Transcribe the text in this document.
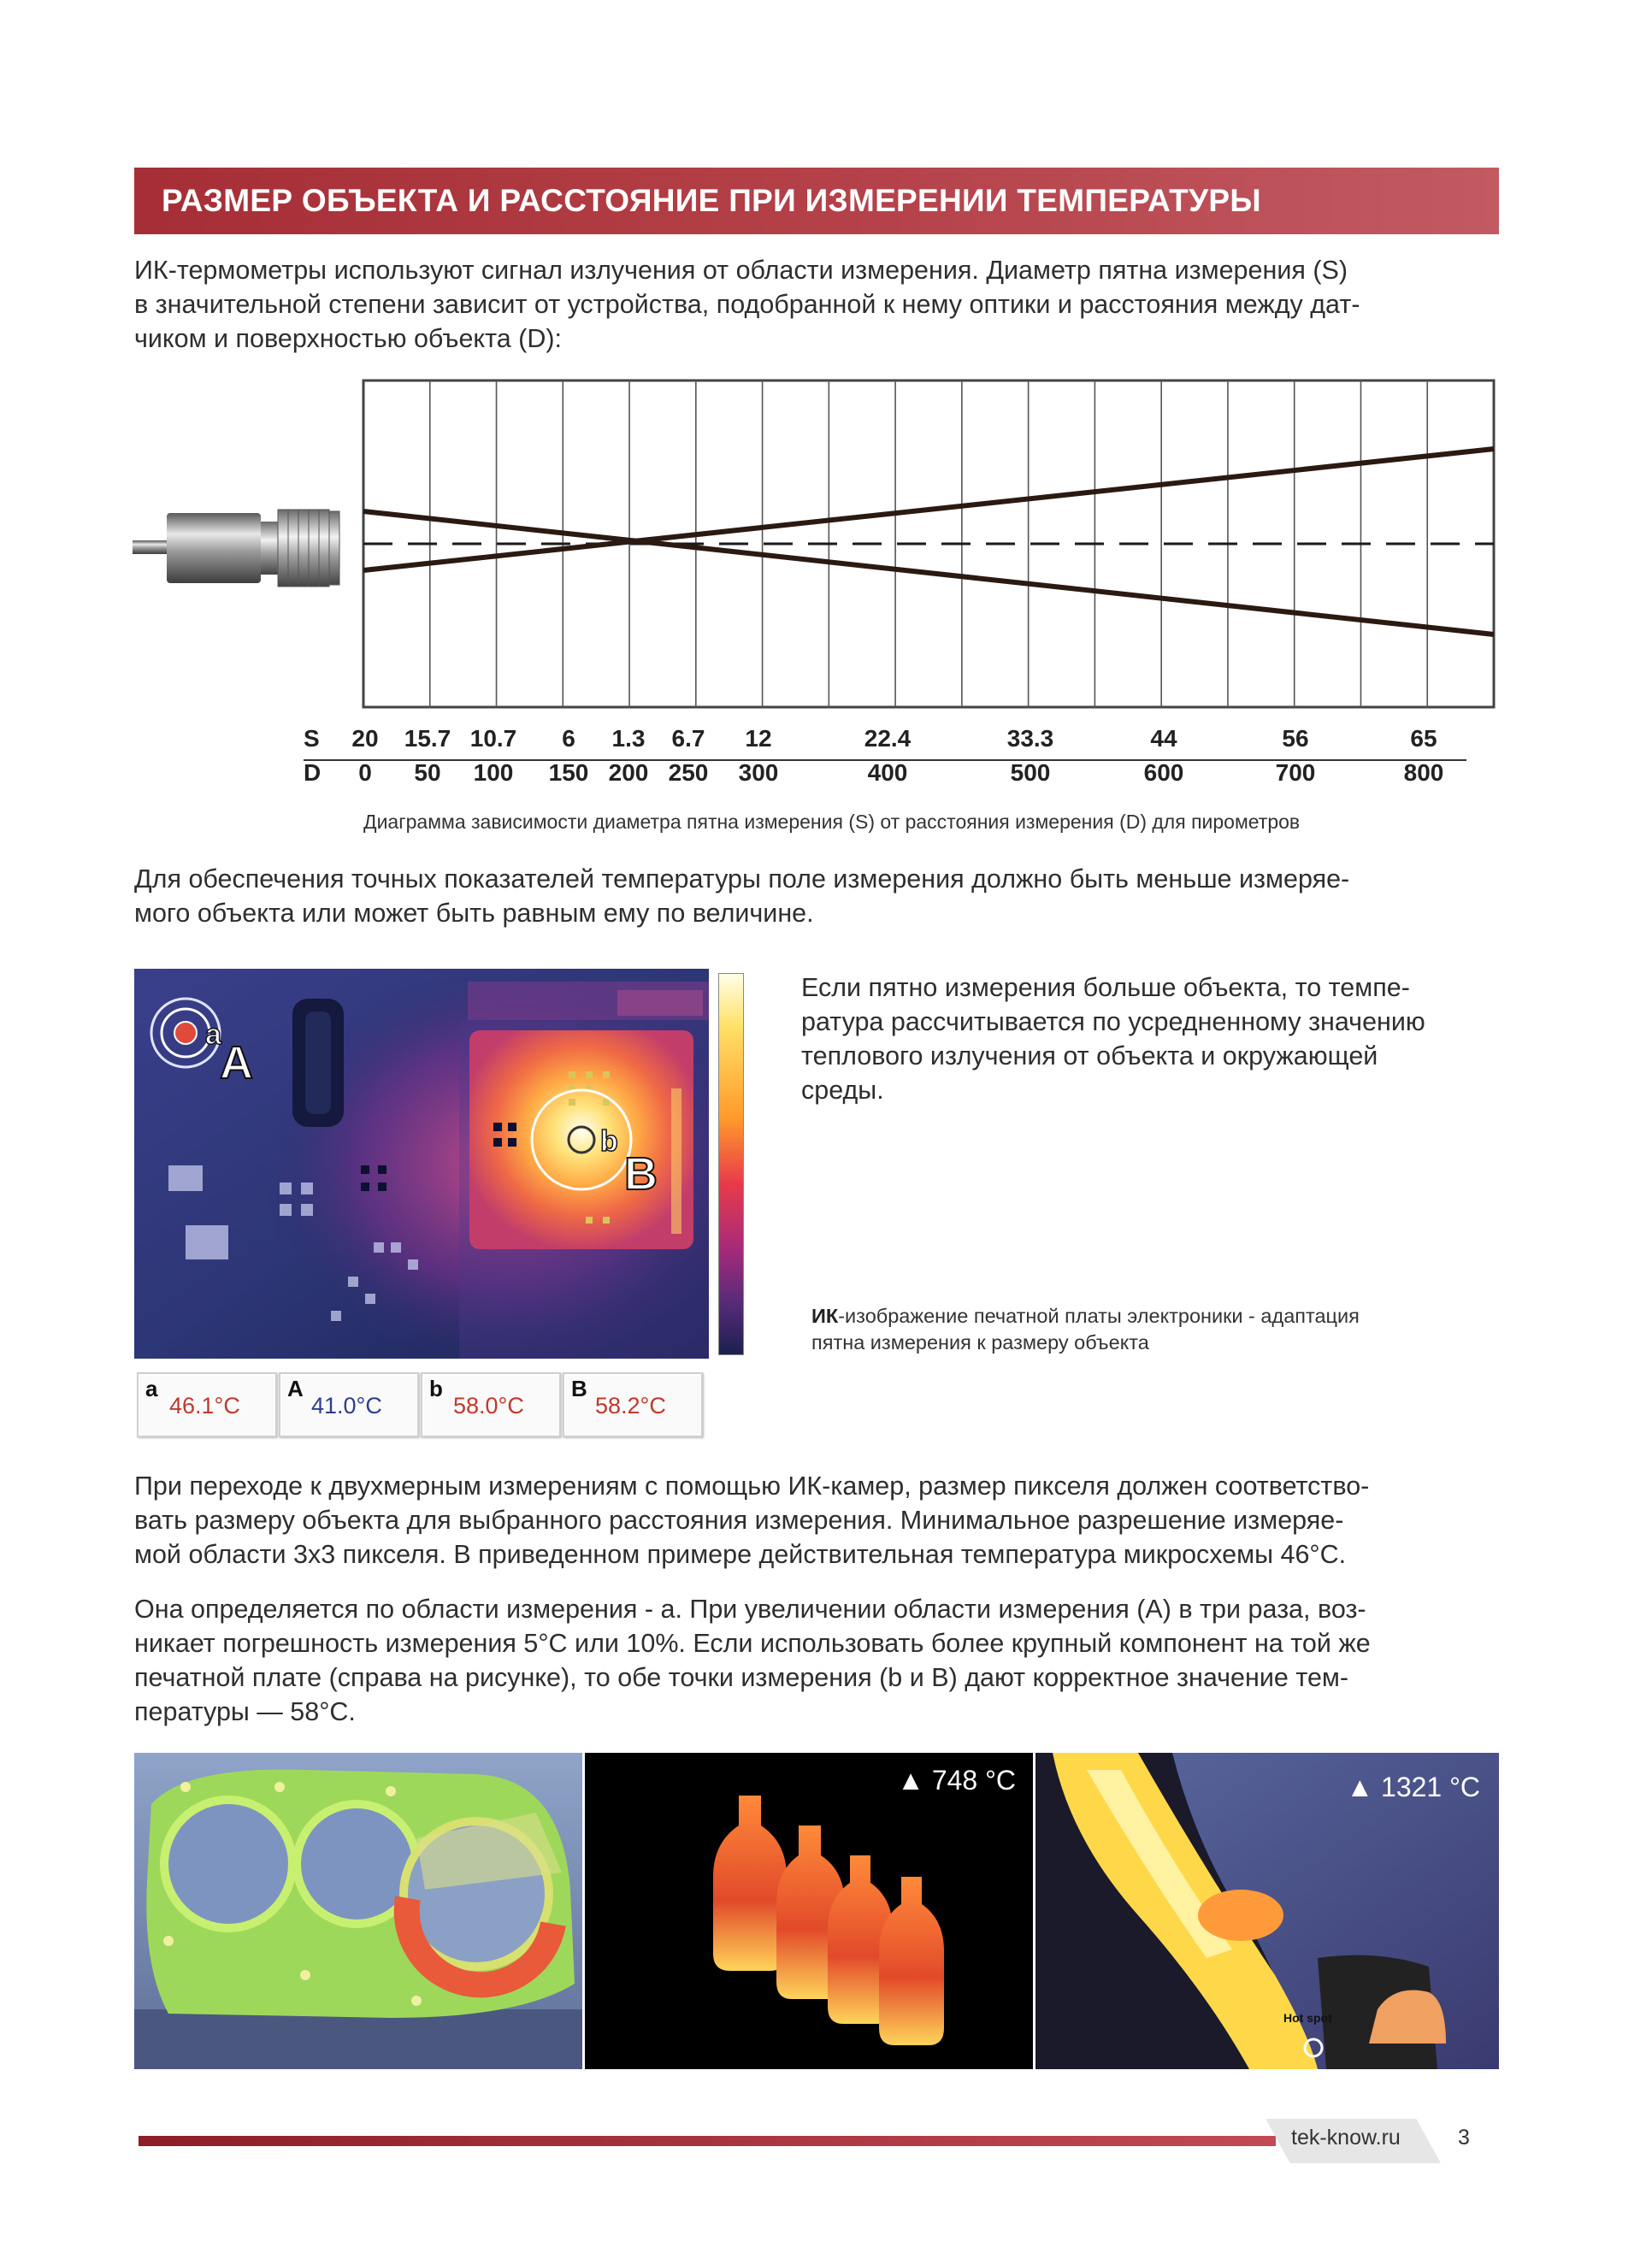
РАЗМЕР ОБЪЕКТА И РАССТОЯНИЕ ПРИ ИЗМЕРЕНИИ ТЕМПЕРАТУРЫ

ИК-термометры используют сигнал излучения от области измерения. Диаметр пятна измерения (S)

в значительной степени зависит от устройства, подобранной к нему оптики и расстояния между дат-

чиком и поверхностью объекта (D):

S 20 15.7 10.7 6 1.3 6.7 12	22.4	33.3	44	56	65
D 0 50 100 150 200 250 300	400	500	600	700	800
Диаграмма зависимости диаметра пятна измерения (S) от расстояния измерения (D) для пирометров

Для обеспечения точных показателей температуры поле измерения должно быть меньше измеряе-

мого объекта или может быть равным ему по величине.

a
A
b
B
a
46.1°C
A
41.0°C
b
58.0°C
B
58.2°C
Если пятно измерения больше объекта, то темпе-
ратура рассчитывается по усредненному значению
теплового излучения от объекта и окружающей
среды.
ИК-изображение печатной платы электроники - адаптация
пятна измерения к размеру объекта

При переходе к двухмерным измерениям с помощью ИК-камер, размер пикселя должен соответство-

вать размеру объекта для выбранного расстояния измерения. Минимальное разрешение измеряе-

мой области 3х3 пикселя. В приведенном примере действительная температура микросхемы 46°С.

Она определяется по области измерения - а. При увеличении области измерения (А) в три раза, воз-

никает погрешность измерения 5°С или 10%. Если использовать более крупный компонент на той же

печатной плате (справа на рисунке), то обе точки измерения (b и B) дают корректное значение тем-

пературы — 58°С.

▲ 748 °C	▲ 1321 °C
Hot spot
tek-know.ru	3
